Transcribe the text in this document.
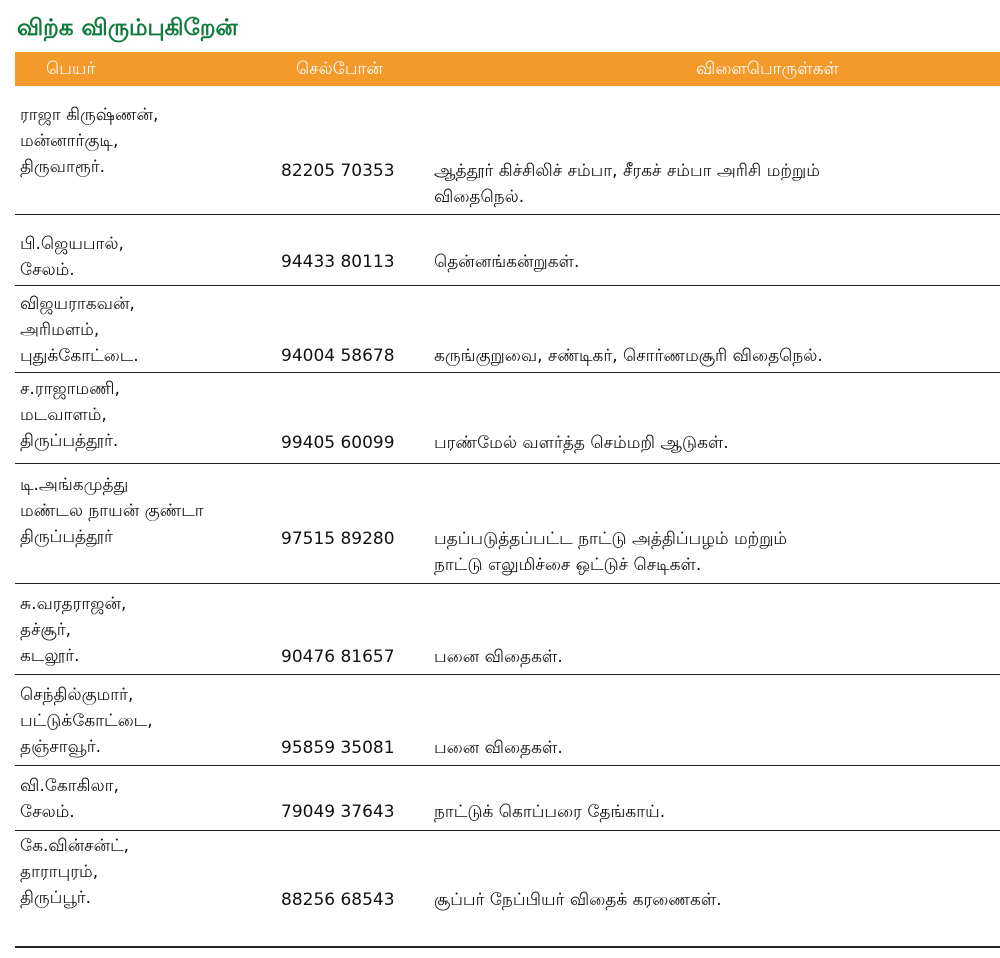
விற்க விரும்புகிறேன்
பெயர்	செல்போன்	விளைபொருள்கள்
ராஜா கிருஷ்ணன்,
மன்னார்குடி,
திருவாரூர்.	82205 70353 ஆத்தூர் கிச்சிலிச் சம்பா, சீரகச் சம்பா அரிசி மற்றும்
விதைநெல்.
பி.ஜெயபால்,
சேலம்.	94433 80113 தென்னங்கன்றுகள்.
விஜயராகவன்,
அரிமளம்,
புதுக்கோட்டை.	94004 58678 கருங்குறுவை, சண்டிகர், சொர்ணமசூரி விதைநெல்.
ச.ராஜாமணி,
மடவாளம்,
திருப்பத்தூர்.	99405 60099 பரண்மேல் வளர்த்த செம்மறி ஆடுகள்.
டி.அங்கமுத்து
மண்டல நாயன் குண்டா
திருப்பத்தூர்	97515 89280 பதப்படுத்தப்பட்ட நாட்டு அத்திப்பழம் மற்றும்
நாட்டு எலுமிச்சை ஒட்டுச் செடிகள்.
சு.வரதராஜன்,
தச்சூர்,
கடலூர்.	90476 81657 பனை விதைகள்.
செந்தில்குமார்,
பட்டுக்கோட்டை,
தஞ்சாவூர்.	95859 35081 பனை விதைகள்.
வி.கோகிலா,
சேலம்.	79049 37643 நாட்டுக் கொப்பரை தேங்காய்.
கே.வின்சன்ட்,
தாராபுரம்,
திருப்பூர்.	88256 68543 சூப்பர் நேப்பியர் விதைக் கரணைகள்.
